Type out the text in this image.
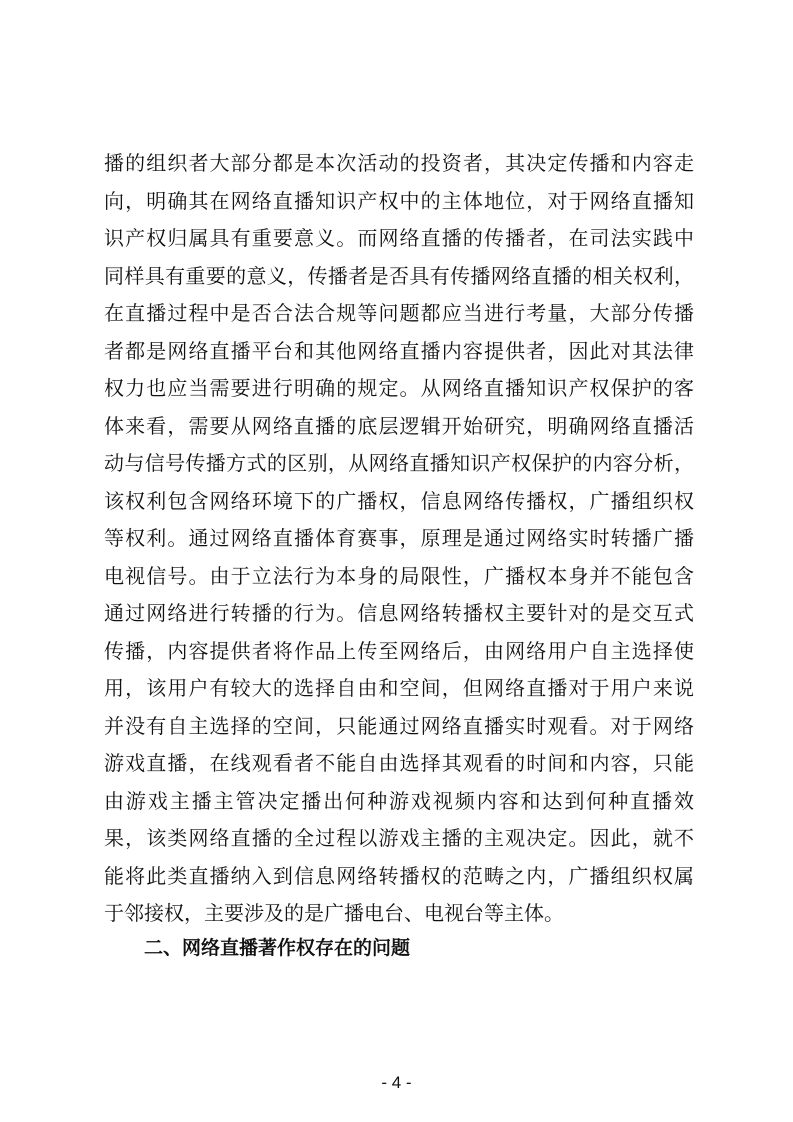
播的组织者大部分都是本次活动的投资者，其决定传播和内容走
向，明确其在网络直播知识产权中的主体地位，对于网络直播知
识产权归属具有重要意义。而网络直播的传播者，在司法实践中
同样具有重要的意义，传播者是否具有传播网络直播的相关权利，
在直播过程中是否合法合规等问题都应当进行考量，大部分传播
者都是网络直播平台和其他网络直播内容提供者，因此对其法律
权力也应当需要进行明确的规定。从网络直播知识产权保护的客
体来看，需要从网络直播的底层逻辑开始研究，明确网络直播活
动与信号传播方式的区别，从网络直播知识产权保护的内容分析，
该权利包含网络环境下的广播权，信息网络传播权，广播组织权
等权利。通过网络直播体育赛事，原理是通过网络实时转播广播
电视信号。由于立法行为本身的局限性，广播权本身并不能包含
通过网络进行转播的行为。信息网络转播权主要针对的是交互式
传播，内容提供者将作品上传至网络后，由网络用户自主选择使
用，该用户有较大的选择自由和空间，但网络直播对于用户来说
并没有自主选择的空间，只能通过网络直播实时观看。对于网络
游戏直播，在线观看者不能自由选择其观看的时间和内容，只能
由游戏主播主管决定播出何种游戏视频内容和达到何种直播效
果，该类网络直播的全过程以游戏主播的主观决定。因此，就不
能将此类直播纳入到信息网络转播权的范畴之内，广播组织权属
于邻接权，主要涉及的是广播电台、电视台等主体。
二、网络直播著作权存在的问题
- 4 -
